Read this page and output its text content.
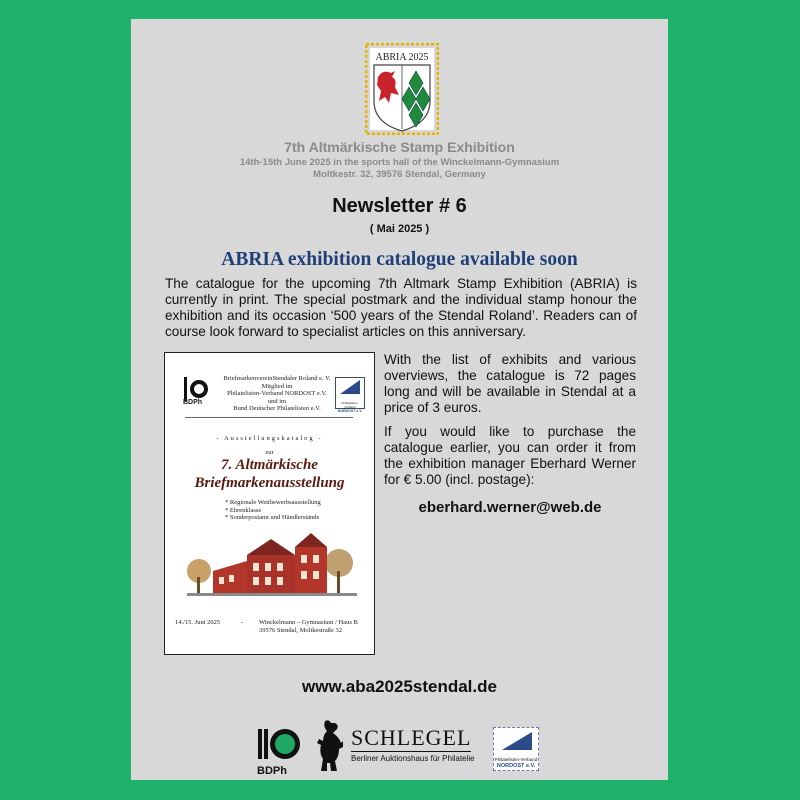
ABRIA 2025
7th Altmärkische Stamp Exhibition
14th-15th June 2025 in the sports hall of the Winckelmann-Gymnasium
Moltkestr. 32, 39576 Stendal, Germany
Newsletter # 6
( Mai 2025 )
ABRIA exhibition catalogue available soon
The catalogue for the upcoming 7th Altmark Stamp Exhibition (ABRIA) is currently in print. The special postmark and the individual stamp honour the exhibition and its occasion ‘500 years of the Stendal Roland’. Readers can of course look forward to specialist articles on this anniversary.
BDPh
BriefmarkenvereinStendaler Roland e. V.
Mitglied im
Philatelisten-Verband NORDOST e.V.
und im
Bund Deutscher Philatelisten e.V.
Philatelisten-Verband
NORDOST e.V.
- Ausstellungskatalog -
zur
7. Altmärkische
Briefmarkenausstellung
* Regionale Wettbewerbsausstellung
* Ehrenklasse
* Sonderpostamt und Händlerstände
14./15. Juni 2025	- Winckelmann – Gymnasium / Haus B
39576 Stendal, Moltkestraße 32
With the list of exhibits and various overviews, the catalogue is 72 pages long and will be available in Stendal at a price of 3 euros.
If you would like to purchase the catalogue earlier, you can order it from the exhibition manager Eberhard Werner for € 5.00 (incl. postage):
eberhard.werner@web.de
www.aba2025stendal.de
BDPh
SCHLEGEL
Berliner Auktionshaus für Philatelie	Philatelisten-Verband
NORDOST e.V.
